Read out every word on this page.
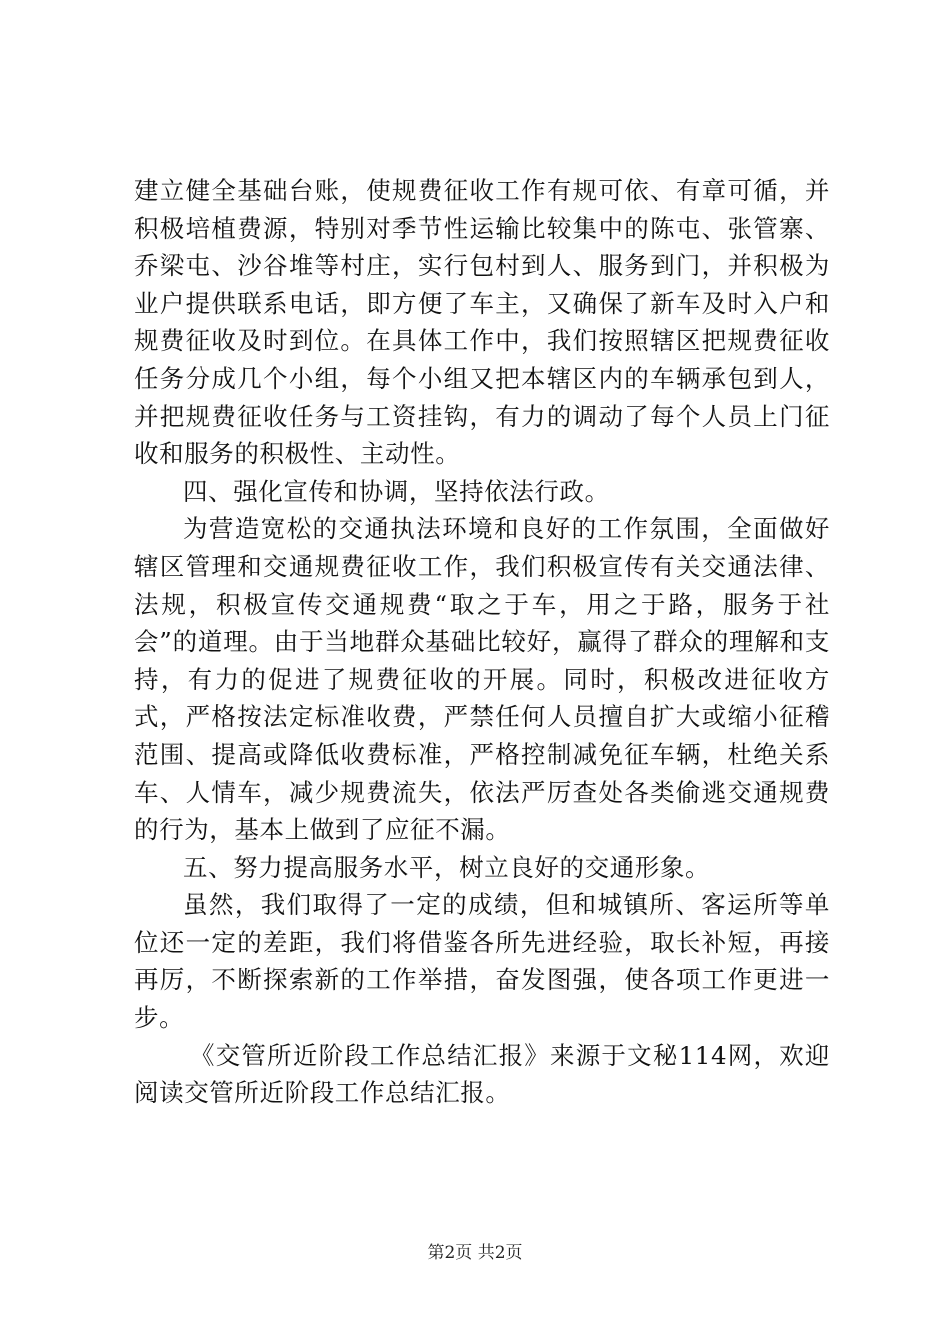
建立健全基础台账，使规费征收工作有规可依、有章可循，并积极培植费源，特别对季节性运输比较集中的陈屯、张管寨、乔梁屯、沙谷堆等村庄，实行包村到人、服务到门，并积极为业户提供联系电话，即方便了车主，又确保了新车及时入户和规费征收及时到位。在具体工作中，我们按照辖区把规费征收任务分成几个小组，每个小组又把本辖区内的车辆承包到人，并把规费征收任务与工资挂钩，有力的调动了每个人员上门征收和服务的积极性、主动性。

四、强化宣传和协调，坚持依法行政。

为营造宽松的交通执法环境和良好的工作氛围，全面做好辖区管理和交通规费征收工作，我们积极宣传有关交通法律、法规，积极宣传交通规费“取之于车，用之于路，服务于社会”的道理。由于当地群众基础比较好，赢得了群众的理解和支持，有力的促进了规费征收的开展。同时，积极改进征收方式，严格按法定标准收费，严禁任何人员擅自扩大或缩小征稽范围、提高或降低收费标准，严格控制减免征车辆，杜绝关系车、人情车，减少规费流失，依法严厉查处各类偷逃交通规费的行为，基本上做到了应征不漏。

五、努力提高服务水平，树立良好的交通形象。

虽然，我们取得了一定的成绩，但和城镇所、客运所等单位还一定的差距，我们将借鉴各所先进经验，取长补短，再接再厉，不断探索新的工作举措，奋发图强，使各项工作更进一步。

《交管所近阶段工作总结汇报》来源于文秘114网，欢迎阅读交管所近阶段工作总结汇报。

第2页 共2页
